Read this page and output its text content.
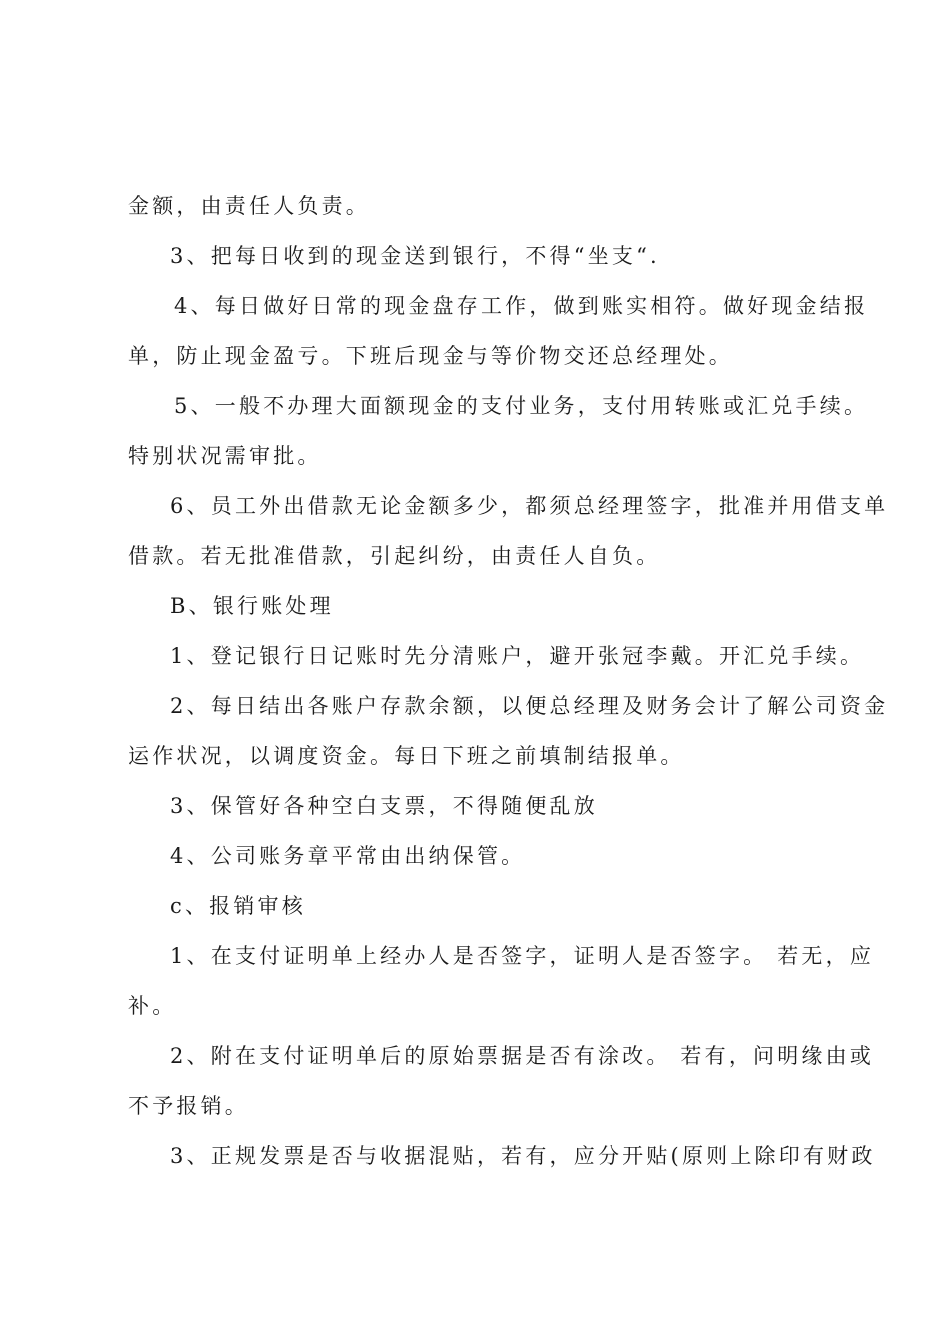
金额，由责任人负责。
3、把每日收到的现金送到银行，不得“坐支“.
4、每日做好日常的现金盘存工作，做到账实相符。做好现金结报
单，防止现金盈亏。下班后现金与等价物交还总经理处。
5、一般不办理大面额现金的支付业务，支付用转账或汇兑手续。
特别状况需审批。
6、员工外出借款无论金额多少，都须总经理签字，批准并用借支单
借款。若无批准借款，引起纠纷，由责任人自负。
B、银行账处理
1、登记银行日记账时先分清账户，避开张冠李戴。开汇兑手续。
2、每日结出各账户存款余额，以便总经理及财务会计了解公司资金
运作状况，以调度资金。每日下班之前填制结报单。
3、保管好各种空白支票，不得随便乱放
4、公司账务章平常由出纳保管。
c、报销审核
1、在支付证明单上经办人是否签字，证明人是否签字。 若无，应
补。
2、附在支付证明单后的原始票据是否有涂改。 若有，问明缘由或
不予报销。
3、正规发票是否与收据混贴，若有，应分开贴(原则上除印有财政
